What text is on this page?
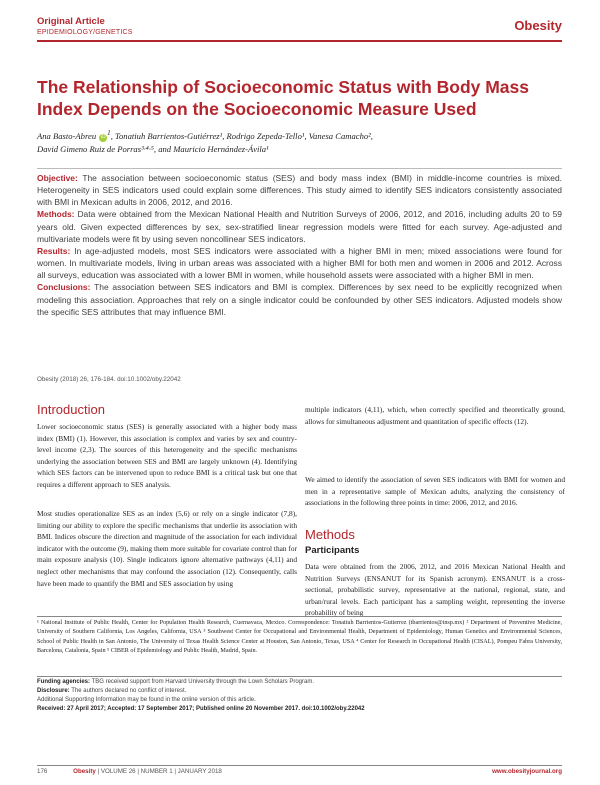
Original Article
EPIDEMIOLOGY/GENETICS	Obesity
The Relationship of Socioeconomic Status with Body Mass Index Depends on the Socioeconomic Measure Used
Ana Basto-Abreu $iD^1$, Tonatiuh Barrientos-Gutiérrez¹, Rodrigo Zepeda-Tello¹, Vanesa Camacho²,
David Gimeno Ruiz de Porras³·⁴·⁵, and Mauricio Hernández-Ávila¹

Objective: The association between socioeconomic status (SES) and body mass index (BMI) in middle-income countries is mixed. Heterogeneity in SES indicators used could explain some differences. This study aimed to identify SES indicators consistently associated with BMI in Mexican adults in 2006, 2012, and 2016.

Methods: Data were obtained from the Mexican National Health and Nutrition Surveys of 2006, 2012, and 2016, including adults 20 to 59 years old. Given expected differences by sex, sex-stratified linear regression models were fitted for each survey. Age-adjusted and multivariate models were fit by using seven noncollinear SES indicators.

Results: In age-adjusted models, most SES indicators were associated with a higher BMI in men; mixed associations were found for women. In multivariate models, living in urban areas was associated with a higher BMI for both men and women in 2006 and 2012. Across all surveys, education was associated with a lower BMI in women, while household assets were associated with a higher BMI in men.

Conclusions: The association between SES indicators and BMI is complex. Differences by sex need to be explicitly recognized when modeling this association. Approaches that rely on a single indicator could be confounded by other SES indicators. Adjusted models show the specific SES attributes that may influence BMI.

Obesity (2018) 26, 176-184. doi:10.1002/oby.22042
Introduction
Lower socioeconomic status (SES) is generally associated with a higher body mass index (BMI) (1). However, this association is complex and varies by sex and country-level income (2,3). The sources of this heterogeneity and the specific mechanisms underlying the association between SES and BMI are largely unknown (4). Identifying which SES factors can be intervened upon to reduce BMI is a critical task but one that requires a different approach to SES analysis.
Most studies operationalize SES as an index (5,6) or rely on a single indicator (7,8), limiting our ability to explore the specific mechanisms that underlie its association with BMI. Indices obscure the direction and magnitude of the association for each individual indicator with the outcome (9), making them more suitable for covariate control than for main exposure analysis (10). Single indicators ignore alternative pathways (4,11) and neglect other mechanisms that may confound the association (12). Consequently, calls have been made to quantify the BMI and SES association by using
multiple indicators (4,11), which, when correctly specified and theoretically ground, allows for simultaneous adjustment and quantitation of specific effects (12).
We aimed to identify the association of seven SES indicators with BMI for women and men in a representative sample of Mexican adults, analyzing the consistency of associations in the following three points in time: 2006, 2012, and 2016.
Methods
Participants
Data were obtained from the 2006, 2012, and 2016 Mexican National Health and Nutrition Surveys (ENSANUT for its Spanish acronym). ENSANUT is a cross-sectional, probabilistic survey, representative at the national, regional, state, and urban/rural levels. Each participant has a sampling weight, representing the inverse probability of being
¹ National Institute of Public Health, Center for Population Health Research, Cuernavaca, Mexico. Correspondence: Tonatiuh Barrientos-Gutierrez (tbarrientos@insp.mx) ² Department of Preventive Medicine, University of Southern California, Los Angeles, California, USA ³ Southwest Center for Occupational and Environmental Health, Department of Epidemiology, Human Genetics and Environmental Sciences, School of Public Health in San Antonio, The University of Texas Health Science Center at Houston, San Antonio, Texas, USA ⁴ Center for Research in Occupational Health (CISAL), Pompeu Fabra University, Barcelona, Catalonia, Spain ⁵ CIBER of Epidemiology and Public Health, Madrid, Spain.
Funding agencies: TBG received support from Harvard University through the Lown Scholars Program.
Disclosure: The authors declared no conflict of interest.
Additional Supporting Information may be found in the online version of this article.
Received: 27 April 2017; Accepted: 17 September 2017; Published online 20 November 2017. doi:10.1002/oby.22042
176	Obesity | VOLUME 26 | NUMBER 1 | JANUARY 2018	www.obesityjournal.org
